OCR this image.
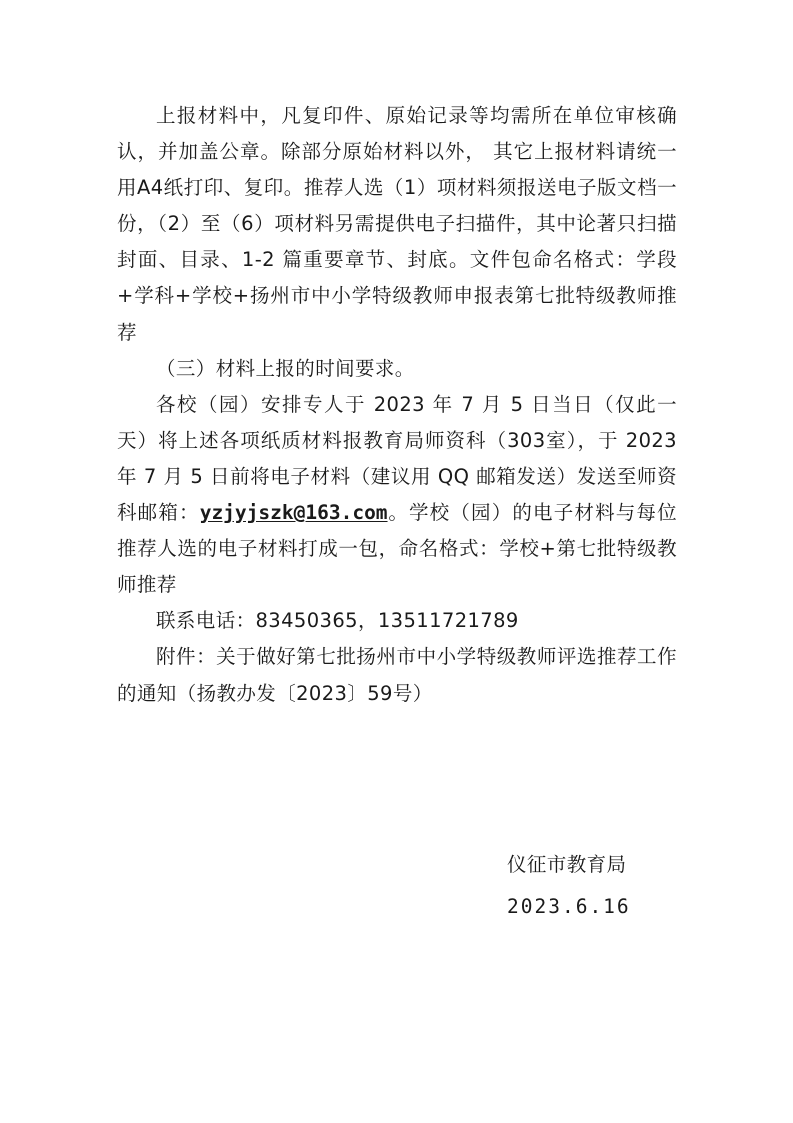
上报材料中，凡复印件、原始记录等均需所在单位审核确认，并加盖公章。除部分原始材料以外， 其它上报材料请统一用A4纸打印、复印。推荐人选（1）项材料须报送电子版文档一份，（2）至（6）项材料另需提供电子扫描件，其中论著只扫描封面、目录、1-2 篇重要章节、封底。文件包命名格式：学段+学科+学校+扬州市中小学特级教师申报表第七批特级教师推荐

（三）材料上报的时间要求。

各校（园）安排专人于 2023 年 7 月 5 日当日（仅此一天）将上述各项纸质材料报教育局师资科（303室），于 2023 年 7 月 5 日前将电子材料（建议用 QQ 邮箱发送）发送至师资科邮箱：yzjyjszk@163.com。学校（园）的电子材料与每位推荐人选的电子材料打成一包，命名格式：学校+第七批特级教师推荐

联系电话：83450365，13511721789

附件：关于做好第七批扬州市中小学特级教师评选推荐工作的通知（扬教办发〔2023〕59号）

仪征市教育局
2023.6.16
